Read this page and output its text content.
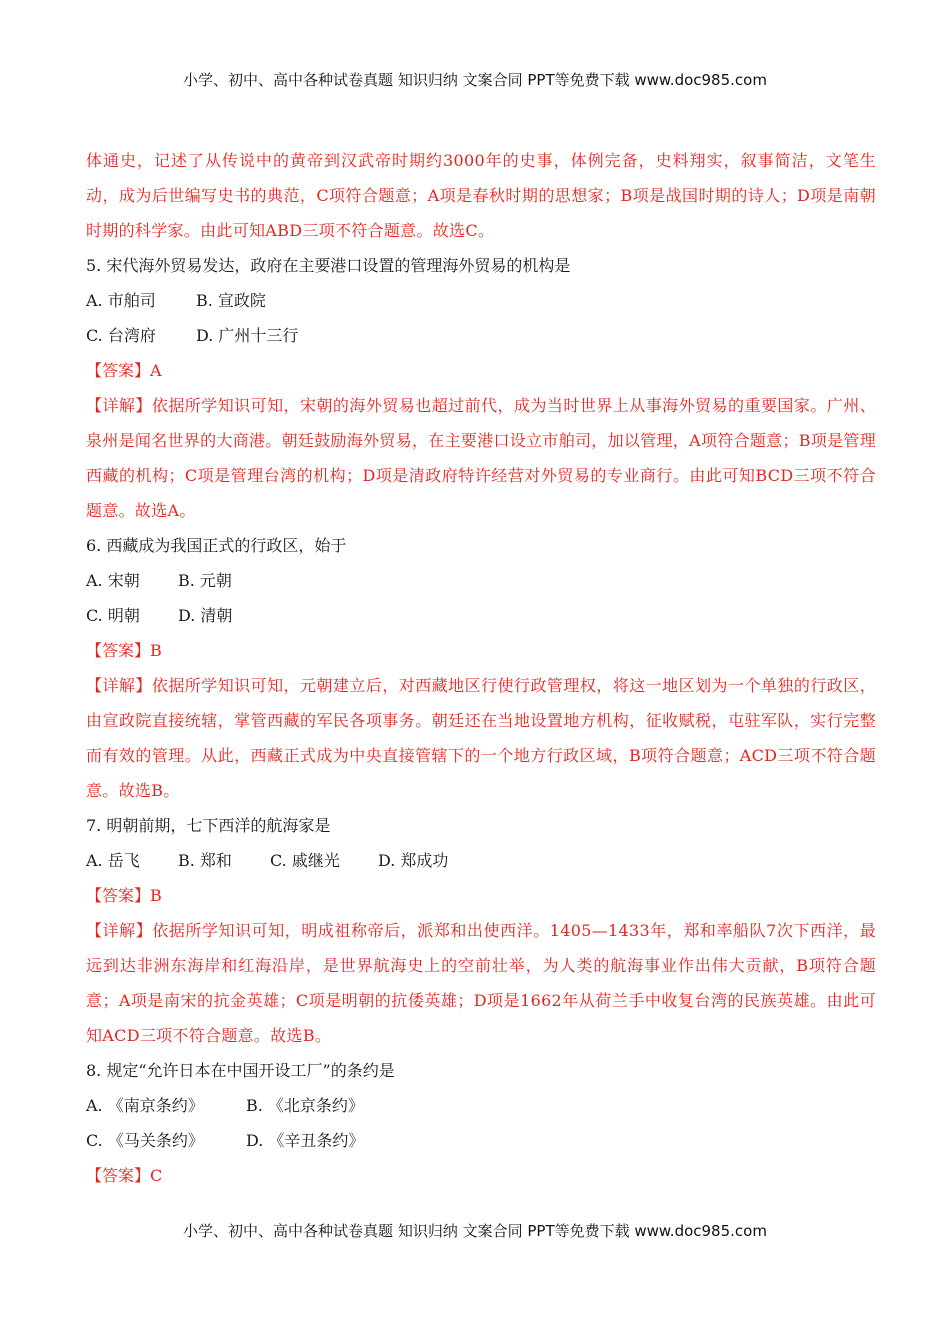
小学、初中、高中各种试卷真题 知识归纳 文案合同 PPT等免费下载 www.doc985.com
体通史，记述了从传说中的黄帝到汉武帝时期约3000年的史事，体例完备，史料翔实，叙事简洁，文笔生动，成为后世编写史书的典范，C项符合题意；A项是春秋时期的思想家；B项是战国时期的诗人；D项是南朝时期的科学家。由此可知ABD三项不符合题意。故选C。
5. 宋代海外贸易发达，政府在主要港口设置的管理海外贸易的机构是
A. 市舶司	B. 宣政院
C. 台湾府	D. 广州十三行
【答案】A
【详解】依据所学知识可知，宋朝的海外贸易也超过前代，成为当时世界上从事海外贸易的重要国家。广州、泉州是闻名世界的大商港。朝廷鼓励海外贸易，在主要港口设立市舶司，加以管理，A项符合题意；B项是管理西藏的机构；C项是管理台湾的机构；D项是清政府特许经营对外贸易的专业商行。由此可知BCD三项不符合题意。故选A。
6. 西藏成为我国正式的行政区，始于
A. 宋朝 B. 元朝
C. 明朝 D. 清朝
【答案】B
【详解】依据所学知识可知，元朝建立后，对西藏地区行使行政管理权，将这一地区划为一个单独的行政区，由宣政院直接统辖，掌管西藏的军民各项事务。朝廷还在当地设置地方机构，征收赋税，屯驻军队，实行完整而有效的管理。从此，西藏正式成为中央直接管辖下的一个地方行政区域，B项符合题意；ACD三项不符合题意。故选B。
7. 明朝前期，七下西洋的航海家是
A. 岳飞 B. 郑和 C. 戚继光 D. 郑成功
【答案】B
【详解】依据所学知识可知，明成祖称帝后，派郑和出使西洋。1405—1433年，郑和率船队7次下西洋，最远到达非洲东海岸和红海沿岸，是世界航海史上的空前壮举，为人类的航海事业作出伟大贡献，B项符合题意；A项是南宋的抗金英雄；C项是明朝的抗倭英雄；D项是1662年从荷兰手中收复台湾的民族英雄。由此可知ACD三项不符合题意。故选B。
8. 规定“允许日本在中国开设工厂”的条约是
A. 《南京条约》	B. 《北京条约》
C. 《马关条约》	D. 《辛丑条约》
【答案】C
小学、初中、高中各种试卷真题 知识归纳 文案合同 PPT等免费下载 www.doc985.com
